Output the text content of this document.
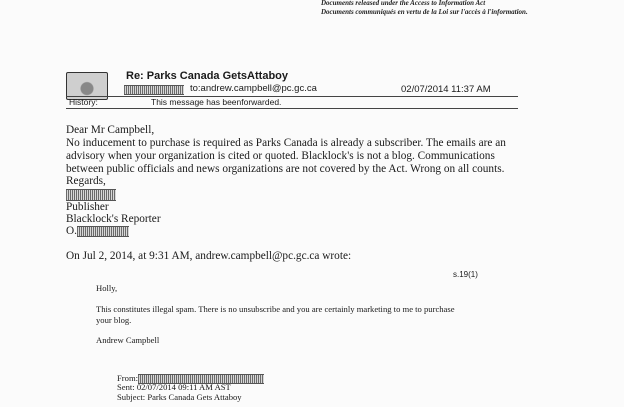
Documents released under the Access to Information Act
Documents communiqués en vertu de la Loi sur l'accès à l'information.
Re: Parks Canada GetsAttaboy
to:andrew.campbell@pc.gc.ca	02/07/2014 11:37 AM
History:	This message has beenforwarded.
Dear Mr Campbell,
No inducement to purchase is required as Parks Canada is already a subscriber. The emails are an
advisory when your organization is cited or quoted. Blacklock's is not a blog. Communications
between public officials and news organizations are not covered by the Act. Wrong on all counts.
Regards,
Publisher
Blacklock's Reporter
O.
On Jul 2, 2014, at 9:31 AM, andrew.campbell@pc.gc.ca wrote:
s.19(1)
Holly,
This constitutes illegal spam. There is no unsubscribe and you are certainly marketing to me to purchase
your blog.
Andrew Campbell
From:
Sent: 02/07/2014 09:11 AM AST
Subject: Parks Canada Gets Attaboy
